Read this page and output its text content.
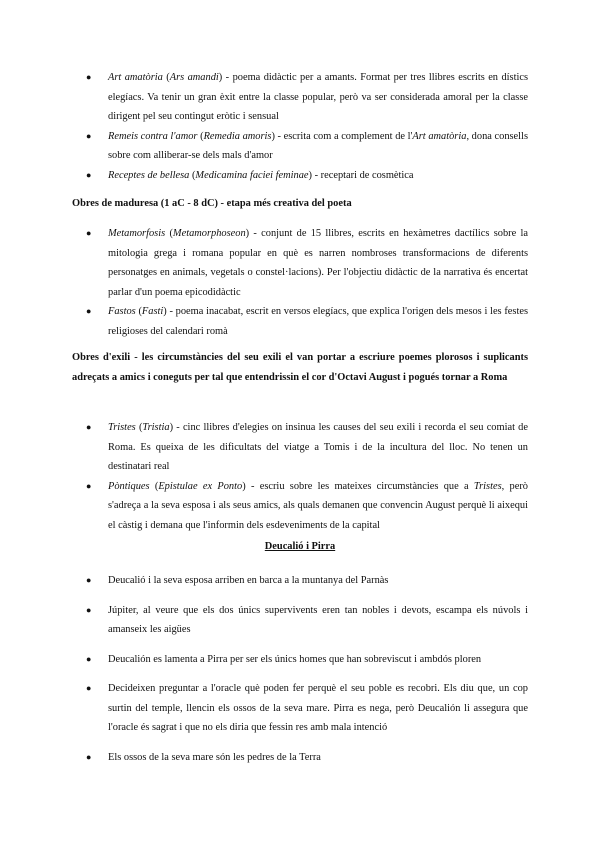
● Art amatòria (Ars amandi) - poema didàctic per a amants. Format per tres llibres escrits en dístics elegíacs. Va tenir un gran èxit entre la classe popular, però va ser considerada amoral per la classe dirigent pel seu contingut eròtic i sensual
● Remeis contra l'amor (Remedia amoris) - escrita com a complement de l'Art amatòria, dona consells sobre com alliberar-se dels mals d'amor
● Receptes de bellesa (Medicamina faciei feminae) - receptari de cosmètica
Obres de maduresa (1 aC - 8 dC) - etapa més creativa del poeta
● Metamorfosis (Metamorphoseon) - conjunt de 15 llibres, escrits en hexàmetres dactílics sobre la mitologia grega i romana popular en què es narren nombroses transformacions de diferents personatges en animals, vegetals o constel·lacions). Per l'objectiu didàctic de la narrativa és encertat parlar d'un poema epicodidàctic
● Fastos (Fasti) - poema inacabat, escrit en versos elegíacs, que explica l'origen dels mesos i les festes religioses del calendari romà
Obres d'exili - les circumstàncies del seu exili el van portar a escriure poemes plorosos i suplicants adreçats a amics i coneguts per tal que entendrissin el cor d'Octavi August i pogués tornar a Roma
● Tristes (Tristia) - cinc llibres d'elegies on insinua les causes del seu exili i recorda el seu comiat de Roma. Es queixa de les dificultats del viatge a Tomis i de la incultura del lloc. No tenen un destinatari real
● Pòntiques (Epistulae ex Ponto) - escriu sobre les mateixes circumstàncies que a Tristes, però s'adreça a la seva esposa i als seus amics, als quals demanen que convencin August perquè li aixequi el càstig i demana que l'informin dels esdeveniments de la capital
Deucalió i Pirra
● Deucalió i la seva esposa arriben en barca a la muntanya del Parnàs
● Júpiter, al veure que els dos únics supervivents eren tan nobles i devots, escampa els núvols i amanseix les aigües
● Deucalión es lamenta a Pirra per ser els únics homes que han sobreviscut i ambdós ploren
● Decideixen preguntar a l'oracle què poden fer perquè el seu poble es recobri. Els diu que, un cop surtin del temple, llencin els ossos de la seva mare. Pirra es nega, però Deucalión li assegura que l'oracle és sagrat i que no els diria que fessin res amb mala intenció
● Els ossos de la seva mare són les pedres de la Terra
